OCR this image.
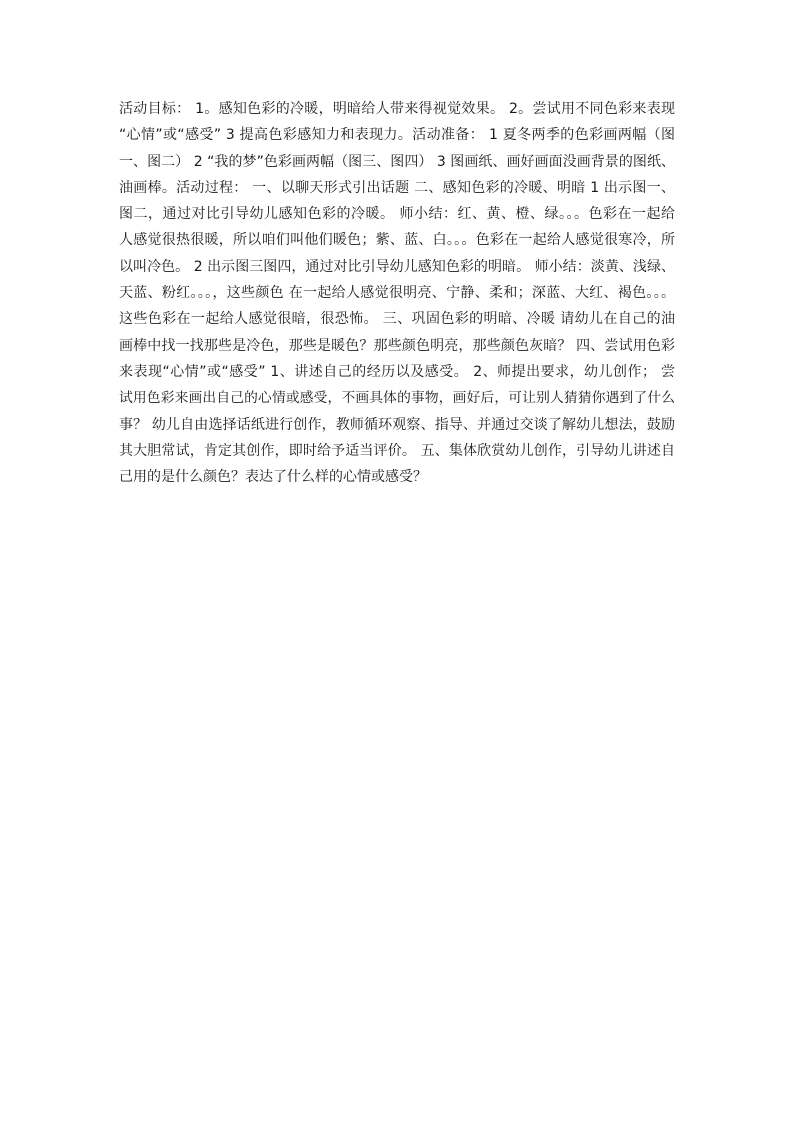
活动目标： 1。感知色彩的冷暖，明暗给人带来得视觉效果。 2。尝试用不同色彩来表现
“心情”或“感受” 3 提高色彩感知力和表现力。活动准备： 1 夏冬两季的色彩画两幅（图
一、图二） 2 “我的梦”色彩画两幅（图三、图四） 3 图画纸、画好画面没画背景的图纸、
油画棒。活动过程： 一、以聊天形式引出话题 二、感知色彩的冷暖、明暗 1 出示图一、
图二，通过对比引导幼儿感知色彩的冷暖。 师小结：红、黄、橙、绿。。。色彩在一起给
人感觉很热很暖，所以咱们叫他们暖色；紫、蓝、白。。。色彩在一起给人感觉很寒冷，所
以叫冷色。 2 出示图三图四，通过对比引导幼儿感知色彩的明暗。 师小结：淡黄、浅绿、
天蓝、粉红。。。，这些颜色 在一起给人感觉很明亮、宁静、柔和；深蓝、大红、褐色。。。
这些色彩在一起给人感觉很暗，很恐怖。 三、巩固色彩的明暗、冷暖 请幼儿在自己的油
画棒中找一找那些是冷色，那些是暖色？那些颜色明亮，那些颜色灰暗？ 四、尝试用色彩
来表现“心情”或“感受” 1、讲述自己的经历以及感受。 2、师提出要求，幼儿创作； 尝
试用色彩来画出自己的心情或感受，不画具体的事物，画好后，可让别人猜猜你遇到了什么
事？ 幼儿自由选择话纸进行创作，教师循环观察、指导、并通过交谈了解幼儿想法，鼓励
其大胆常试，肯定其创作，即时给予适当评价。 五、集体欣赏幼儿创作，引导幼儿讲述自
己用的是什么颜色？表达了什么样的心情或感受？
